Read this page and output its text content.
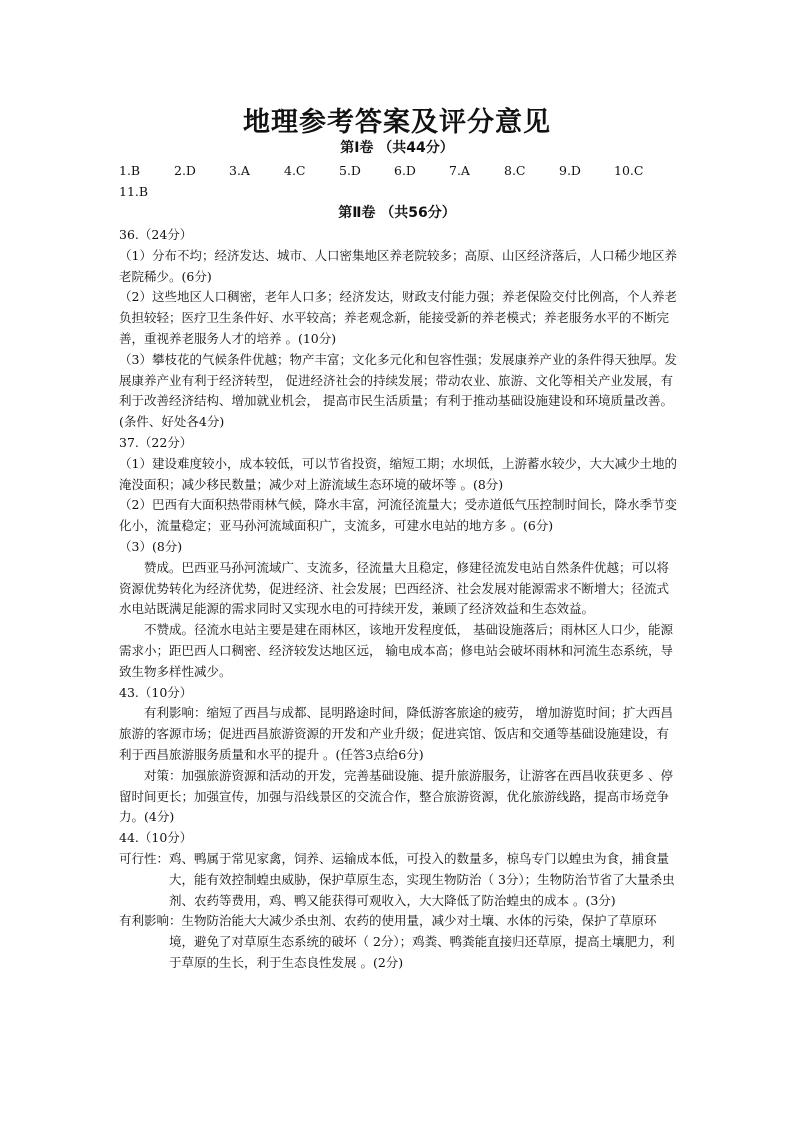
地理参考答案及评分意见
第Ⅰ卷 （共44分）
1.B	2.D	3.A	4.C	5.D	6.D	7.A	8.C	9.D	10.C
11.B
第Ⅱ卷 （共56分）

36.（24分）

（1）分布不均；经济发达、城市、人口密集地区养老院较多；高原、山区经济落后，人口稀少地区养老院稀少。(6分)

（2）这些地区人口稠密，老年人口多；经济发达，财政支付能力强；养老保险交付比例高，个人养老负担较轻；医疗卫生条件好、水平较高；养老观念新，能接受新的养老模式；养老服务水平的不断完善，重视养老服务人才的培养 。(10分)

（3）攀枝花的气候条件优越；物产丰富；文化多元化和包容性强；发展康养产业的条件得天独厚。发展康养产业有利于经济转型， 促进经济社会的持续发展；带动农业、旅游、文化等相关产业发展，有利于改善经济结构、增加就业机会， 提高市民生活质量；有利于推动基础设施建设和环境质量改善。(条件、好处各4分)

37.（22分）

（1）建设难度较小，成本较低，可以节省投资，缩短工期；水坝低，上游蓄水较少，大大减少土地的淹没面积；减少移民数量；减少对上游流域生态环境的破坏等 。(8分)

（2）巴西有大面积热带雨林气候，降水丰富，河流径流量大；受赤道低气压控制时间长，降水季节变化小，流量稳定；亚马孙河流域面积广，支流多，可建水电站的地方多 。(6分)

（3）(8分)

赞成。巴西亚马孙河流域广、支流多，径流量大且稳定，修建径流发电站自然条件优越；可以将资源优势转化为经济优势，促进经济、社会发展；巴西经济、社会发展对能源需求不断增大；径流式水电站既满足能源的需求同时又实现水电的可持续开发，兼顾了经济效益和生态效益。

不赞成。径流水电站主要是建在雨林区，该地开发程度低， 基础设施落后；雨林区人口少，能源需求小；距巴西人口稠密、经济较发达地区远， 输电成本高；修电站会破坏雨林和河流生态系统，导致生物多样性减少。

43.（10分）

有利影响：缩短了西昌与成都、昆明路途时间，降低游客旅途的疲劳， 增加游览时间；扩大西昌旅游的客源市场；促进西昌旅游资源的开发和产业升级；促进宾馆、饭店和交通等基础设施建设，有利于西昌旅游服务质量和水平的提升 。(任答3点给6分)

对策：加强旅游资源和活动的开发，完善基础设施、提升旅游服务，让游客在西昌收获更多 、停留时间更长；加强宣传，加强与沿线景区的交流合作，整合旅游资源，优化旅游线路，提高市场竞争力。(4分)

44.（10分）

可行性：鸡、鸭属于常见家禽，饲养、运输成本低，可投入的数量多，椋鸟专门以蝗虫为食，捕食量大，能有效控制蝗虫威胁，保护草原生态，实现生物防治（ 3分）；生物防治节省了大量杀虫剂、农药等费用，鸡、鸭又能获得可观收入，大大降低了防治蝗虫的成本 。(3分)

有利影响：生物防治能大大减少杀虫剂、农药的使用量，减少对土壤、水体的污染，保护了草原环境，避免了对草原生态系统的破坏（ 2分）；鸡粪、鸭粪能直接归还草原，提高土壤肥力，利于草原的生长，利于生态良性发展 。(2分)
